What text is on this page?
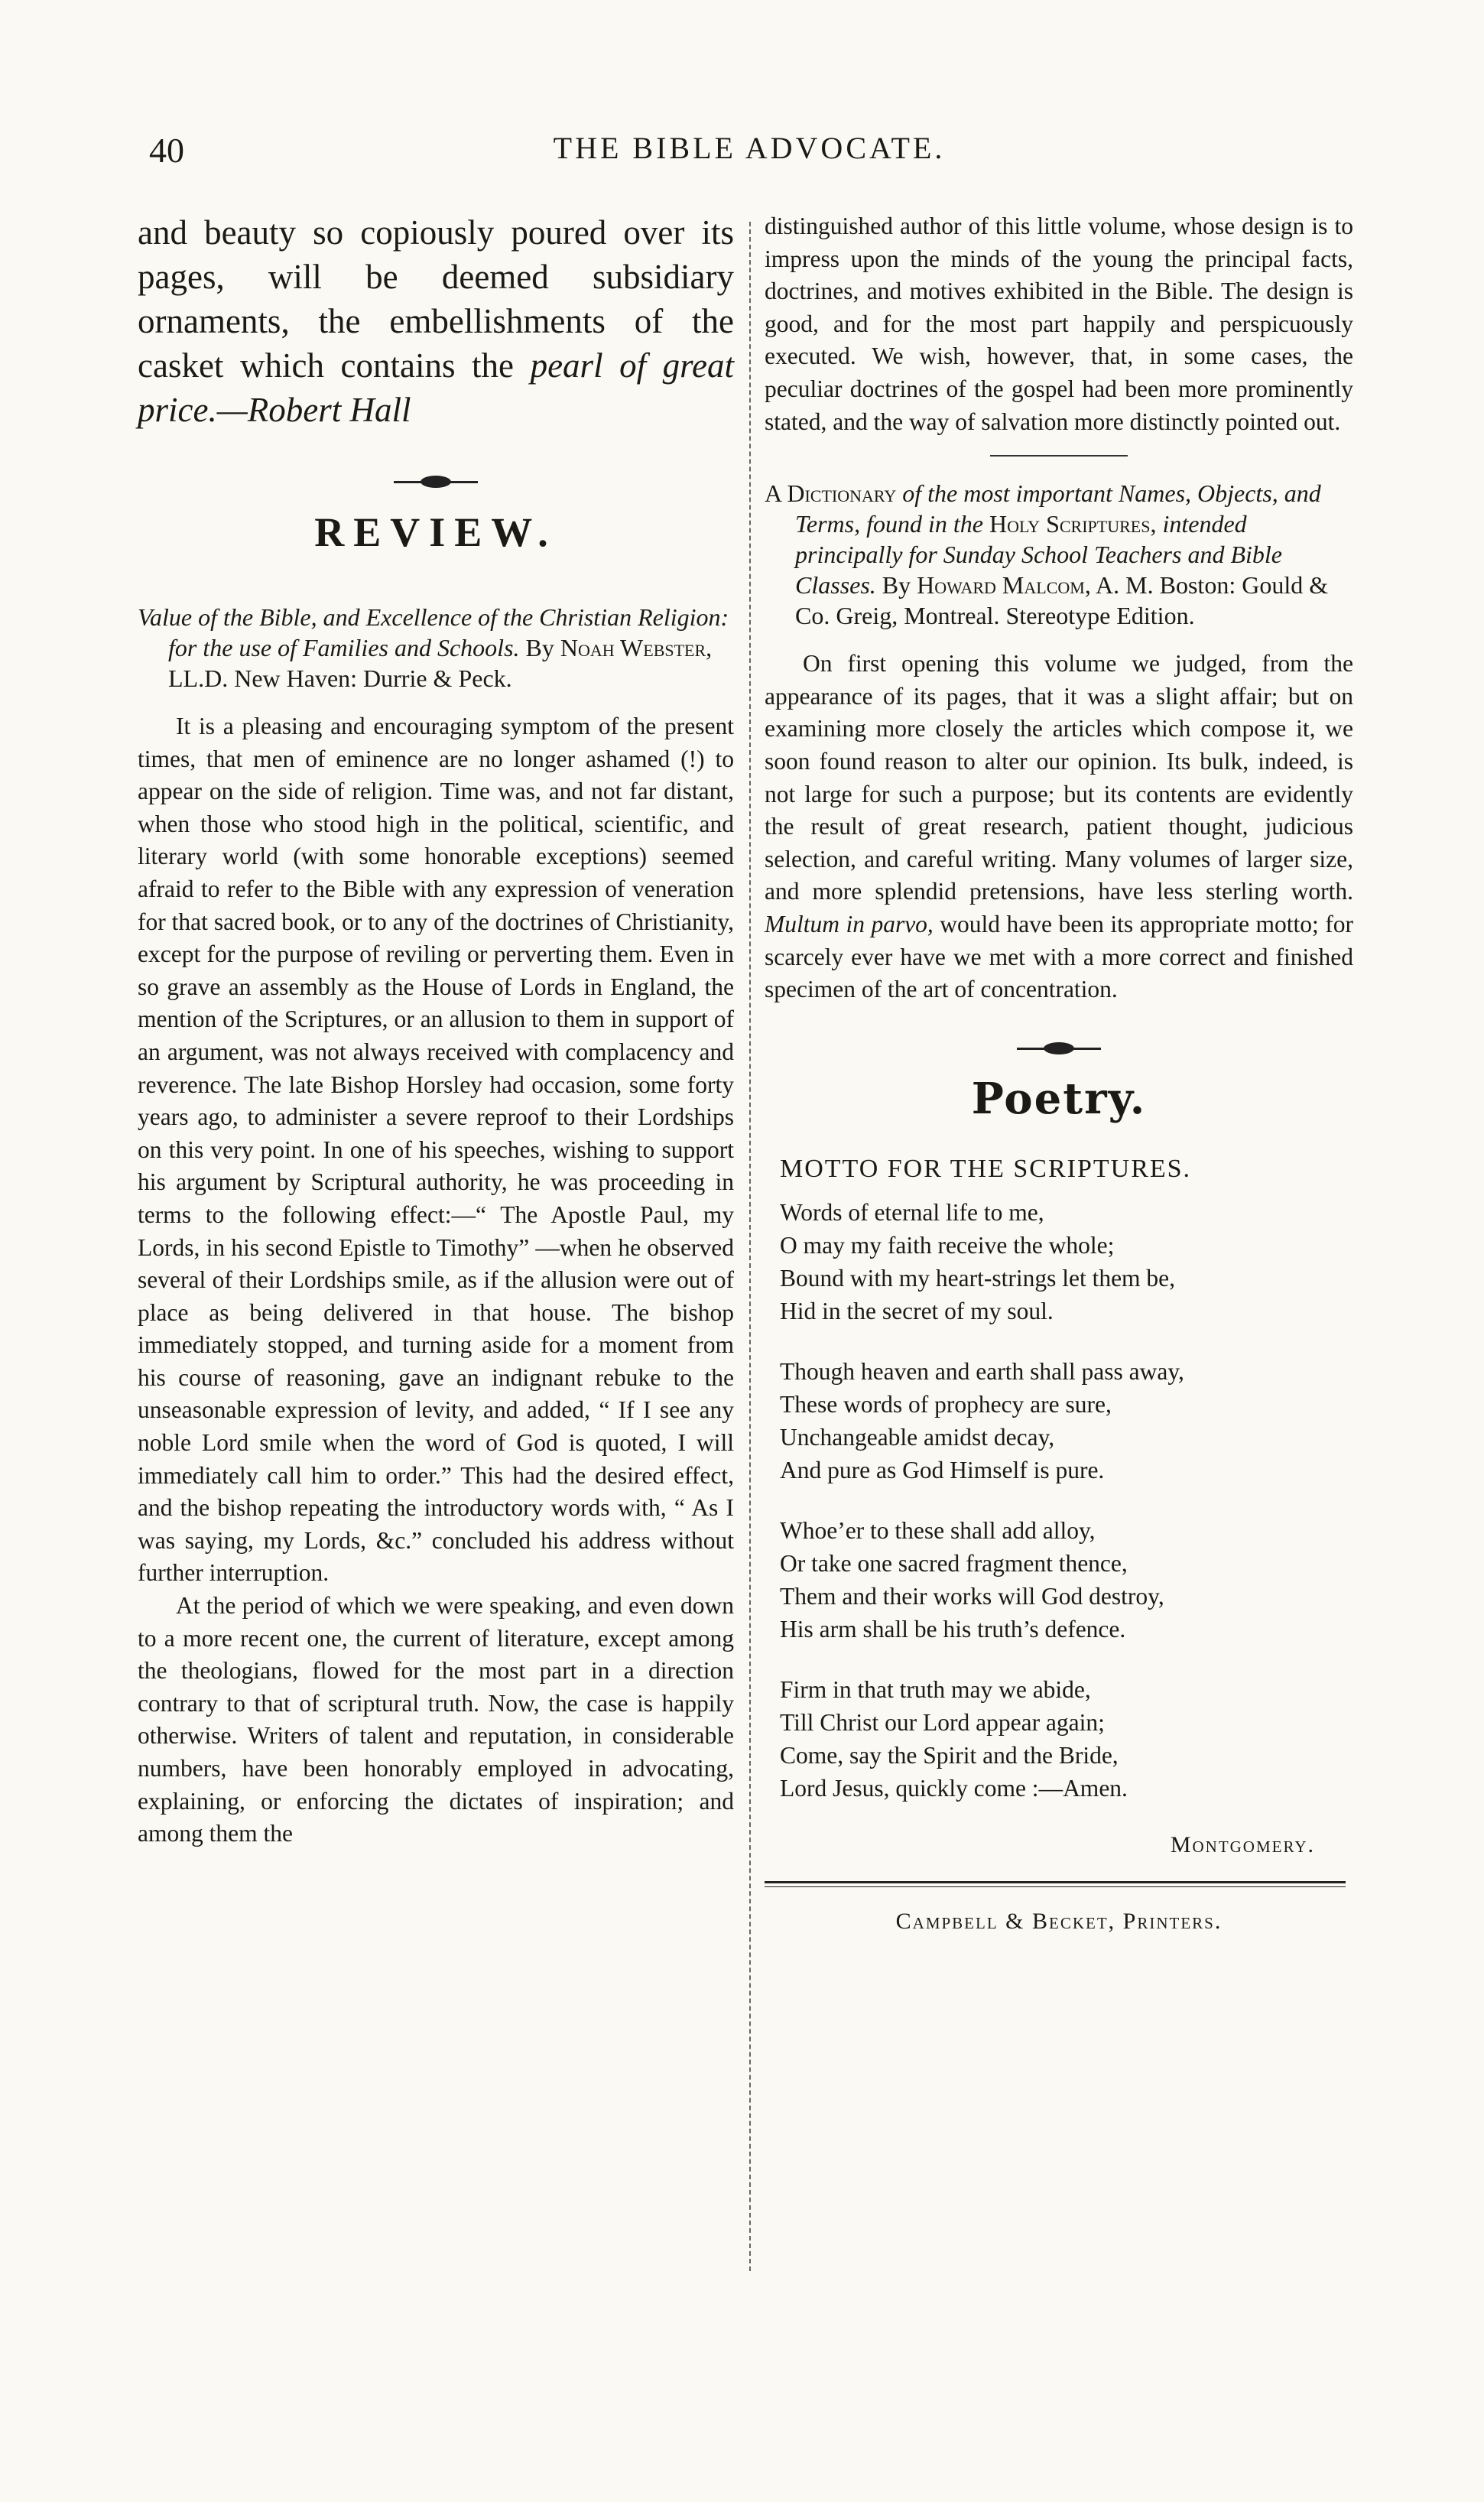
40	THE BIBLE ADVOCATE.

and beauty so copiously poured over its pages, will be deemed subsidiary ornaments, the embellishments of the casket which contains the pearl of great price.—Robert Hall

REVIEW.

Value of the Bible, and Excellence of the Christian Religion: for the use of Families and Schools. By Noah Webster, LL.D. New Haven: Durrie & Peck.

It is a pleasing and encouraging symptom of the present times, that men of eminence are no longer ashamed (!) to appear on the side of religion. Time was, and not far distant, when those who stood high in the political, scientific, and literary world (with some honorable exceptions) seemed afraid to refer to the Bible with any expression of veneration for that sacred book, or to any of the doctrines of Christianity, except for the purpose of reviling or perverting them. Even in so grave an assembly as the House of Lords in England, the mention of the Scriptures, or an allusion to them in support of an argument, was not always received with complacency and reverence. The late Bishop Horsley had occasion, some forty years ago, to administer a severe reproof to their Lordships on this very point. In one of his speeches, wishing to support his argument by Scriptural authority, he was proceeding in terms to the following effect:—“ The Apostle Paul, my Lords, in his second Epistle to Timothy” —when he observed several of their Lordships smile, as if the allusion were out of place as being delivered in that house. The bishop immediately stopped, and turning aside for a moment from his course of reasoning, gave an indignant rebuke to the unseasonable expression of levity, and added, “ If I see any noble Lord smile when the word of God is quoted, I will immediately call him to order.” This had the desired effect, and the bishop repeating the introductory words with, “ As I was saying, my Lords, &c.” concluded his address without further interruption.

At the period of which we were speaking, and even down to a more recent one, the current of literature, except among the theologians, flowed for the most part in a direction contrary to that of scriptural truth. Now, the case is happily otherwise. Writers of talent and reputation, in considerable numbers, have been honorably employed in advocating, explaining, or enforcing the dictates of inspiration; and among them the

distinguished author of this little volume, whose design is to impress upon the minds of the young the principal facts, doctrines, and motives exhibited in the Bible. The design is good, and for the most part happily and perspicuously executed. We wish, however, that, in some cases, the peculiar doctrines of the gospel had been more prominently stated, and the way of salvation more distinctly pointed out.

A Dictionary of the most important Names, Objects, and Terms, found in the Holy Scriptures, intended principally for Sunday School Teachers and Bible Classes. By Howard Malcom, A. M. Boston: Gould & Co. Greig, Montreal. Stereotype Edition.

On first opening this volume we judged, from the appearance of its pages, that it was a slight affair; but on examining more closely the articles which compose it, we soon found reason to alter our opinion. Its bulk, indeed, is not large for such a purpose; but its contents are evidently the result of great research, patient thought, judicious selection, and careful writing. Many volumes of larger size, and more splendid pretensions, have less sterling worth. Multum in parvo, would have been its appropriate motto; for scarcely ever have we met with a more correct and finished specimen of the art of concentration.

Poetry.
MOTTO FOR THE SCRIPTURES.
Words of eternal life to me,
O may my faith receive the whole;
Bound with my heart-strings let them be,
Hid in the secret of my soul.
Though heaven and earth shall pass away,
These words of prophecy are sure,
Unchangeable amidst decay,
And pure as God Himself is pure.
Whoe’er to these shall add alloy,
Or take one sacred fragment thence,
Them and their works will God destroy,
His arm shall be his truth’s defence.
Firm in that truth may we abide,
Till Christ our Lord appear again;
Come, say the Spirit and the Bride,
Lord Jesus, quickly come :—Amen.
Montgomery.
Campbell & Becket, Printers.
